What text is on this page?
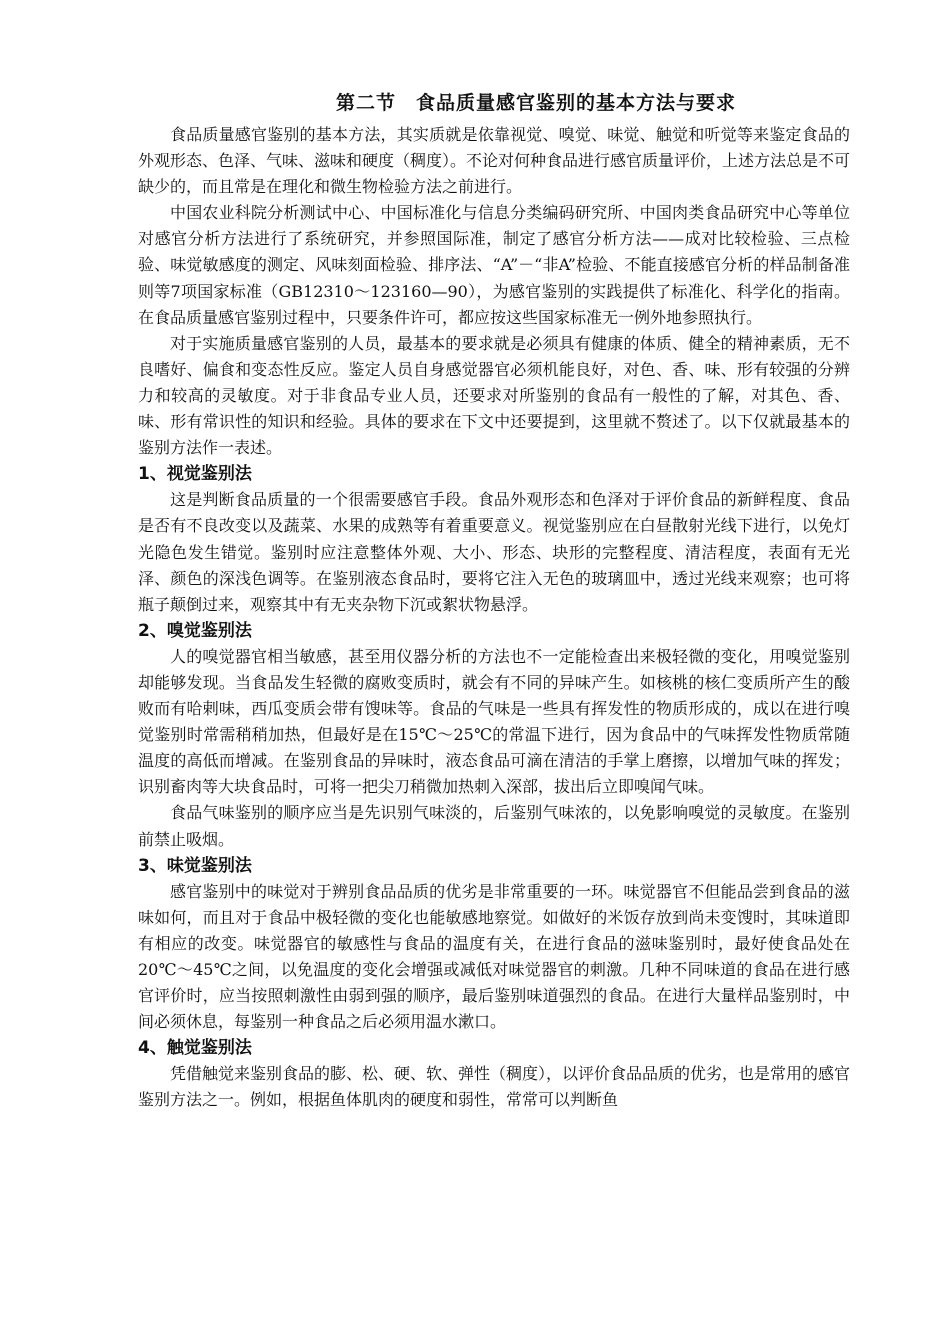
第二节　食品质量感官鉴别的基本方法与要求

食品质量感官鉴别的基本方法，其实质就是依靠视觉、嗅觉、味觉、触觉和听觉等来鉴定食品的外观形态、色泽、气味、滋味和硬度（稠度）。不论对何种食品进行感官质量评价，上述方法总是不可缺少的，而且常是在理化和微生物检验方法之前进行。

中国农业科院分析测试中心、中国标准化与信息分类编码研究所、中国肉类食品研究中心等单位对感官分析方法进行了系统研究，并参照国际准，制定了感官分析方法——成对比较检验、三点检验、味觉敏感度的测定、风味刻面检验、排序法、“A”－“非A”检验、不能直接感官分析的样品制备准则等7项国家标准（GB12310～123160—90），为感官鉴别的实践提供了标准化、科学化的指南。在食品质量感官鉴别过程中，只要条件许可，都应按这些国家标准无一例外地参照执行。

对于实施质量感官鉴别的人员，最基本的要求就是必须具有健康的体质、健全的精神素质，无不良嗜好、偏食和变态性反应。鉴定人员自身感觉器官必须机能良好，对色、香、味、形有较强的分辨力和较高的灵敏度。对于非食品专业人员，还要求对所鉴别的食品有一般性的了解，对其色、香、味、形有常识性的知识和经验。具体的要求在下文中还要提到，这里就不赘述了。以下仅就最基本的鉴别方法作一表述。

1、视觉鉴别法

这是判断食品质量的一个很需要感官手段。食品外观形态和色泽对于评价食品的新鲜程度、食品是否有不良改变以及蔬菜、水果的成熟等有着重要意义。视觉鉴别应在白昼散射光线下进行，以免灯光隐色发生错觉。鉴别时应注意整体外观、大小、形态、块形的完整程度、清洁程度，表面有无光泽、颜色的深浅色调等。在鉴别液态食品时，要将它注入无色的玻璃皿中，透过光线来观察；也可将瓶子颠倒过来，观察其中有无夹杂物下沉或絮状物悬浮。

2、嗅觉鉴别法

人的嗅觉器官相当敏感，甚至用仪器分析的方法也不一定能检查出来极轻微的变化，用嗅觉鉴别却能够发现。当食品发生轻微的腐败变质时，就会有不同的异味产生。如核桃的核仁变质所产生的酸败而有哈剌味，西瓜变质会带有馊味等。食品的气味是一些具有挥发性的物质形成的，成以在进行嗅觉鉴别时常需稍稍加热，但最好是在15℃～25℃的常温下进行，因为食品中的气味挥发性物质常随温度的高低而增减。在鉴别食品的异味时，液态食品可滴在清洁的手掌上磨擦，以增加气味的挥发；识别畜肉等大块食品时，可将一把尖刀稍微加热刺入深部，拔出后立即嗅闻气味。

食品气味鉴别的顺序应当是先识别气味淡的，后鉴别气味浓的，以免影响嗅觉的灵敏度。在鉴别前禁止吸烟。

3、味觉鉴别法

感官鉴别中的味觉对于辨别食品品质的优劣是非常重要的一环。味觉器官不但能品尝到食品的滋味如何，而且对于食品中极轻微的变化也能敏感地察觉。如做好的米饭存放到尚未变馊时，其味道即有相应的改变。味觉器官的敏感性与食品的温度有关，在进行食品的滋味鉴别时，最好使食品处在20℃～45℃之间，以免温度的变化会增强或减低对味觉器官的刺激。几种不同味道的食品在进行感官评价时，应当按照刺激性由弱到强的顺序，最后鉴别味道强烈的食品。在进行大量样品鉴别时，中间必须休息，每鉴别一种食品之后必须用温水漱口。

4、触觉鉴别法

凭借触觉来鉴别食品的膨、松、硬、软、弹性（稠度），以评价食品品质的优劣，也是常用的感官鉴别方法之一。例如，根据鱼体肌肉的硬度和弱性，常常可以判断鱼
